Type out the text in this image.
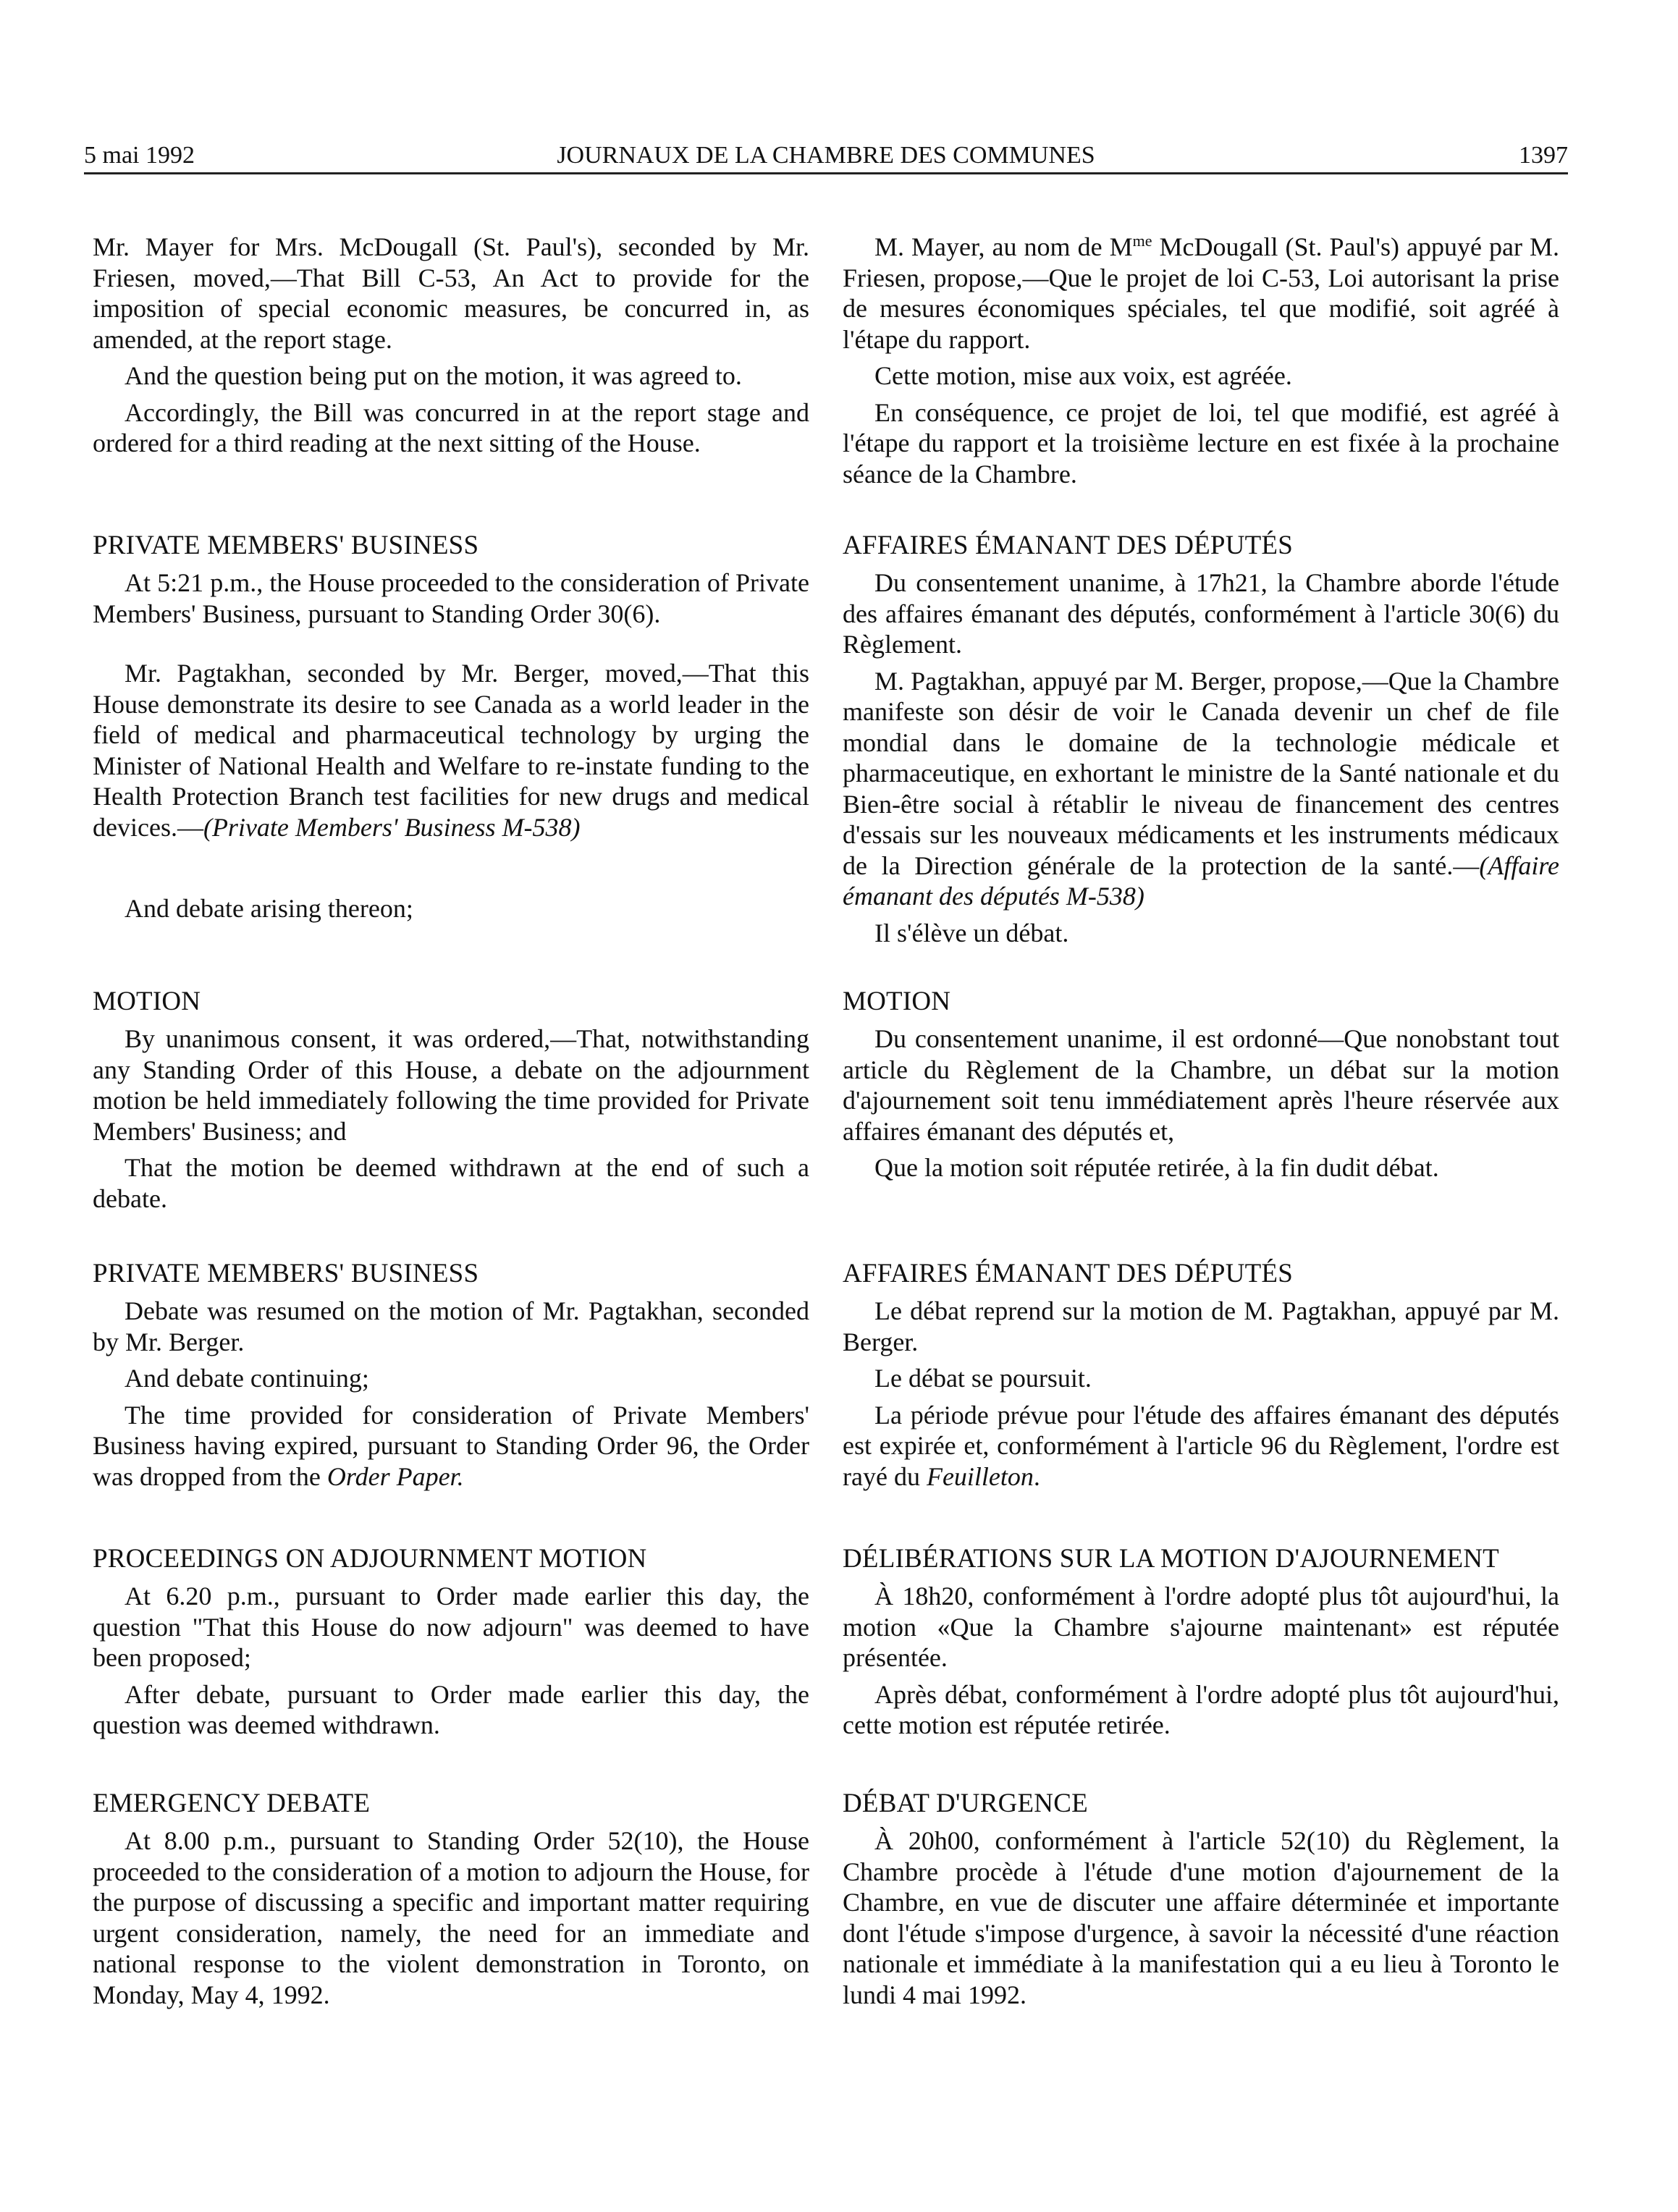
5 mai 1992	JOURNAUX DE LA CHAMBRE DES COMMUNES	1397

Mr. Mayer for Mrs. McDougall (St. Paul's), seconded by Mr. Friesen, moved,—That Bill C-53, An Act to provide for the imposition of special economic measures, be concurred in, as amended, at the report stage.

And the question being put on the motion, it was agreed to.

Accordingly, the Bill was concurred in at the report stage and ordered for a third reading at the next sitting of the House.

PRIVATE MEMBERS' BUSINESS

At 5:21 p.m., the House proceeded to the consideration of Private Members' Business, pursuant to Standing Order 30(6).

Mr. Pagtakhan, seconded by Mr. Berger, moved,—That this House demonstrate its desire to see Canada as a world leader in the field of medical and pharmaceutical technology by urging the Minister of National Health and Welfare to re-instate funding to the Health Protection Branch test facilities for new drugs and medical devices.—(Private Members' Business M-538)

And debate arising thereon;

MOTION

By unanimous consent, it was ordered,—That, notwithstanding any Standing Order of this House, a debate on the adjournment motion be held immediately following the time provided for Private Members' Business; and

That the motion be deemed withdrawn at the end of such a debate.

PRIVATE MEMBERS' BUSINESS

Debate was resumed on the motion of Mr. Pagtakhan, seconded by Mr. Berger.

And debate continuing;

The time provided for consideration of Private Members' Business having expired, pursuant to Standing Order 96, the Order was dropped from the Order Paper.

PROCEEDINGS ON ADJOURNMENT MOTION

At 6.20 p.m., pursuant to Order made earlier this day, the question "That this House do now adjourn" was deemed to have been proposed;

After debate, pursuant to Order made earlier this day, the question was deemed withdrawn.

EMERGENCY DEBATE

At 8.00 p.m., pursuant to Standing Order 52(10), the House proceeded to the consideration of a motion to adjourn the House, for the purpose of discussing a specific and important matter requiring urgent consideration, namely, the need for an immediate and national response to the violent demonstration in Toronto, on Monday, May 4, 1992.

M. Mayer, au nom de $M^{me}$ McDougall (St. Paul's) appuyé par M. Friesen, propose,—Que le projet de loi C-53, Loi autorisant la prise de mesures économiques spéciales, tel que modifié, soit agréé à l'étape du rapport.

Cette motion, mise aux voix, est agréée.

En conséquence, ce projet de loi, tel que modifié, est agréé à l'étape du rapport et la troisième lecture en est fixée à la prochaine séance de la Chambre.

AFFAIRES ÉMANANT DES DÉPUTÉS

Du consentement unanime, à 17h21, la Chambre aborde l'étude des affaires émanant des députés, conformément à l'article 30(6) du Règlement.

M. Pagtakhan, appuyé par M. Berger, propose,—Que la Chambre manifeste son désir de voir le Canada devenir un chef de file mondial dans le domaine de la technologie médicale et pharmaceutique, en exhortant le ministre de la Santé nationale et du Bien-être social à rétablir le niveau de financement des centres d'essais sur les nouveaux médicaments et les instruments médicaux de la Direction générale de la protection de la santé.—(Affaire émanant des députés M-538)

Il s'élève un débat.

MOTION

Du consentement unanime, il est ordonné—Que nonobstant tout article du Règlement de la Chambre, un débat sur la motion d'ajournement soit tenu immédiatement après l'heure réservée aux affaires émanant des députés et,

Que la motion soit réputée retirée, à la fin dudit débat.

AFFAIRES ÉMANANT DES DÉPUTÉS

Le débat reprend sur la motion de M. Pagtakhan, appuyé par M. Berger.

Le débat se poursuit.

La période prévue pour l'étude des affaires émanant des députés est expirée et, conformément à l'article 96 du Règlement, l'ordre est rayé du Feuilleton.

DÉLIBÉRATIONS SUR LA MOTION D'AJOURNEMENT

À 18h20, conformément à l'ordre adopté plus tôt aujourd'hui, la motion «Que la Chambre s'ajourne maintenant» est réputée présentée.

Après débat, conformément à l'ordre adopté plus tôt aujourd'hui, cette motion est réputée retirée.

DÉBAT D'URGENCE

À 20h00, conformément à l'article 52(10) du Règlement, la Chambre procède à l'étude d'une motion d'ajournement de la Chambre, en vue de discuter une affaire déterminée et importante dont l'étude s'impose d'urgence, à savoir la nécessité d'une réaction nationale et immédiate à la manifestation qui a eu lieu à Toronto le lundi 4 mai 1992.
